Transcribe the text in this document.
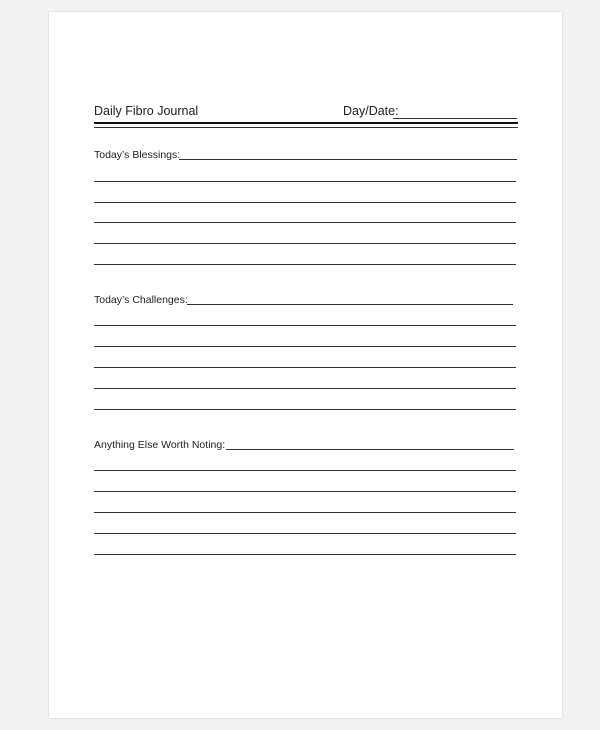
Daily Fibro Journal	Day/Date:
Today’s Blessings:
Today’s Challenges:
Anything Else Worth Noting:
